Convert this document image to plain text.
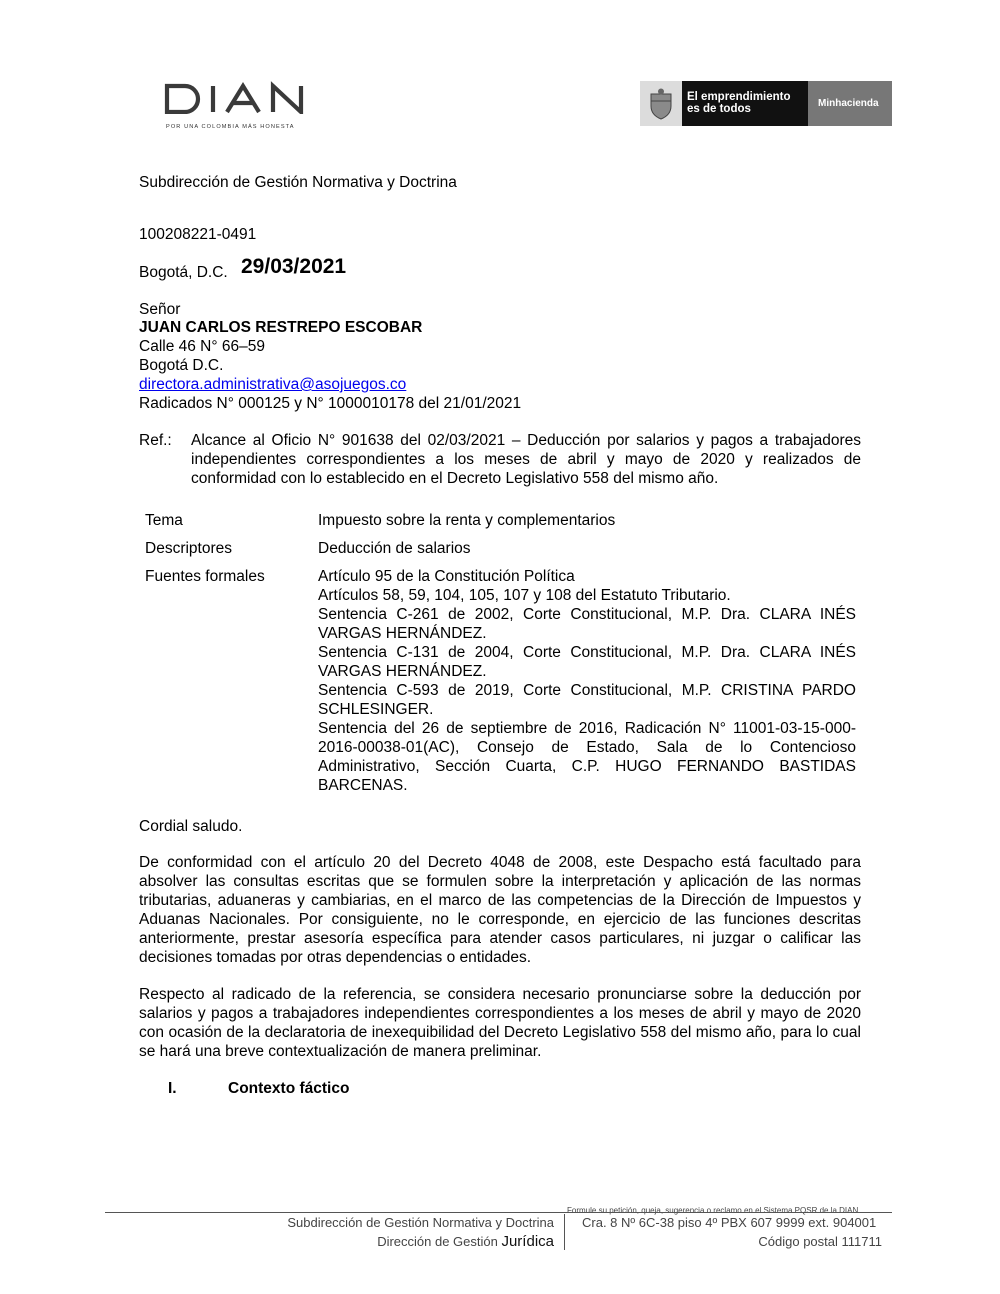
POR UNA COLOMBIA MÁS HONESTA
El emprendimiento
es de todos	Minhacienda
Subdirección de Gestión Normativa y Doctrina
100208221-0491
Bogotá, D.C. 29/03/2021
Señor
JUAN CARLOS RESTREPO ESCOBAR
Calle 46 N° 66–59
Bogotá D.C.
directora.administrativa@asojuegos.co
Radicados N° 000125 y N° 1000010178 del 21/01/2021
Ref.: Alcance al Oficio N° 901638 del 02/03/2021 – Deducción por salarios y pagos a trabajadores independientes correspondientes a los meses de abril y mayo de 2020 y realizados de conformidad con lo establecido en el Decreto Legislativo 558 del mismo año.
Tema	Impuesto sobre la renta y complementarios
Descriptores	Deducción de salarios
Fuentes formales	Artículo 95 de la Constitución Política
Artículos 58, 59, 104, 105, 107 y 108 del Estatuto Tributario.
Sentencia C-261 de 2002, Corte Constitucional, M.P. Dra. CLARA INÉS VARGAS HERNÁNDEZ.
Sentencia C-131 de 2004, Corte Constitucional, M.P. Dra. CLARA INÉS VARGAS HERNÁNDEZ.
Sentencia C-593 de 2019, Corte Constitucional, M.P. CRISTINA PARDO SCHLESINGER.
Sentencia del 26 de septiembre de 2016, Radicación N° 11001-03-15-000-2016-00038-01(AC), Consejo de Estado, Sala de lo Contencioso Administrativo, Sección Cuarta, C.P. HUGO FERNANDO BASTIDAS BARCENAS.
Cordial saludo.
De conformidad con el artículo 20 del Decreto 4048 de 2008, este Despacho está facultado para absolver las consultas escritas que se formulen sobre la interpretación y aplicación de las normas tributarias, aduaneras y cambiarias, en el marco de las competencias de la Dirección de Impuestos y Aduanas Nacionales. Por consiguiente, no le corresponde, en ejercicio de las funciones descritas anteriormente, prestar asesoría específica para atender casos particulares, ni juzgar o calificar las decisiones tomadas por otras dependencias o entidades.
Respecto al radicado de la referencia, se considera necesario pronunciarse sobre la deducción por salarios y pagos a trabajadores independientes correspondientes a los meses de abril y mayo de 2020 con ocasión de la declaratoria de inexequibilidad del Decreto Legislativo 558 del mismo año, para lo cual se hará una breve contextualización de manera preliminar.
I.	Contexto fáctico
Formule su petición, queja, sugerencia o reclamo en el Sistema PQSR de la DIAN
Subdirección de Gestión Normativa y Doctrina
Dirección de Gestión Jurídica
Cra. 8 Nº 6C-38 piso 4º PBX 607 9999 ext. 904001
Código postal 111711
